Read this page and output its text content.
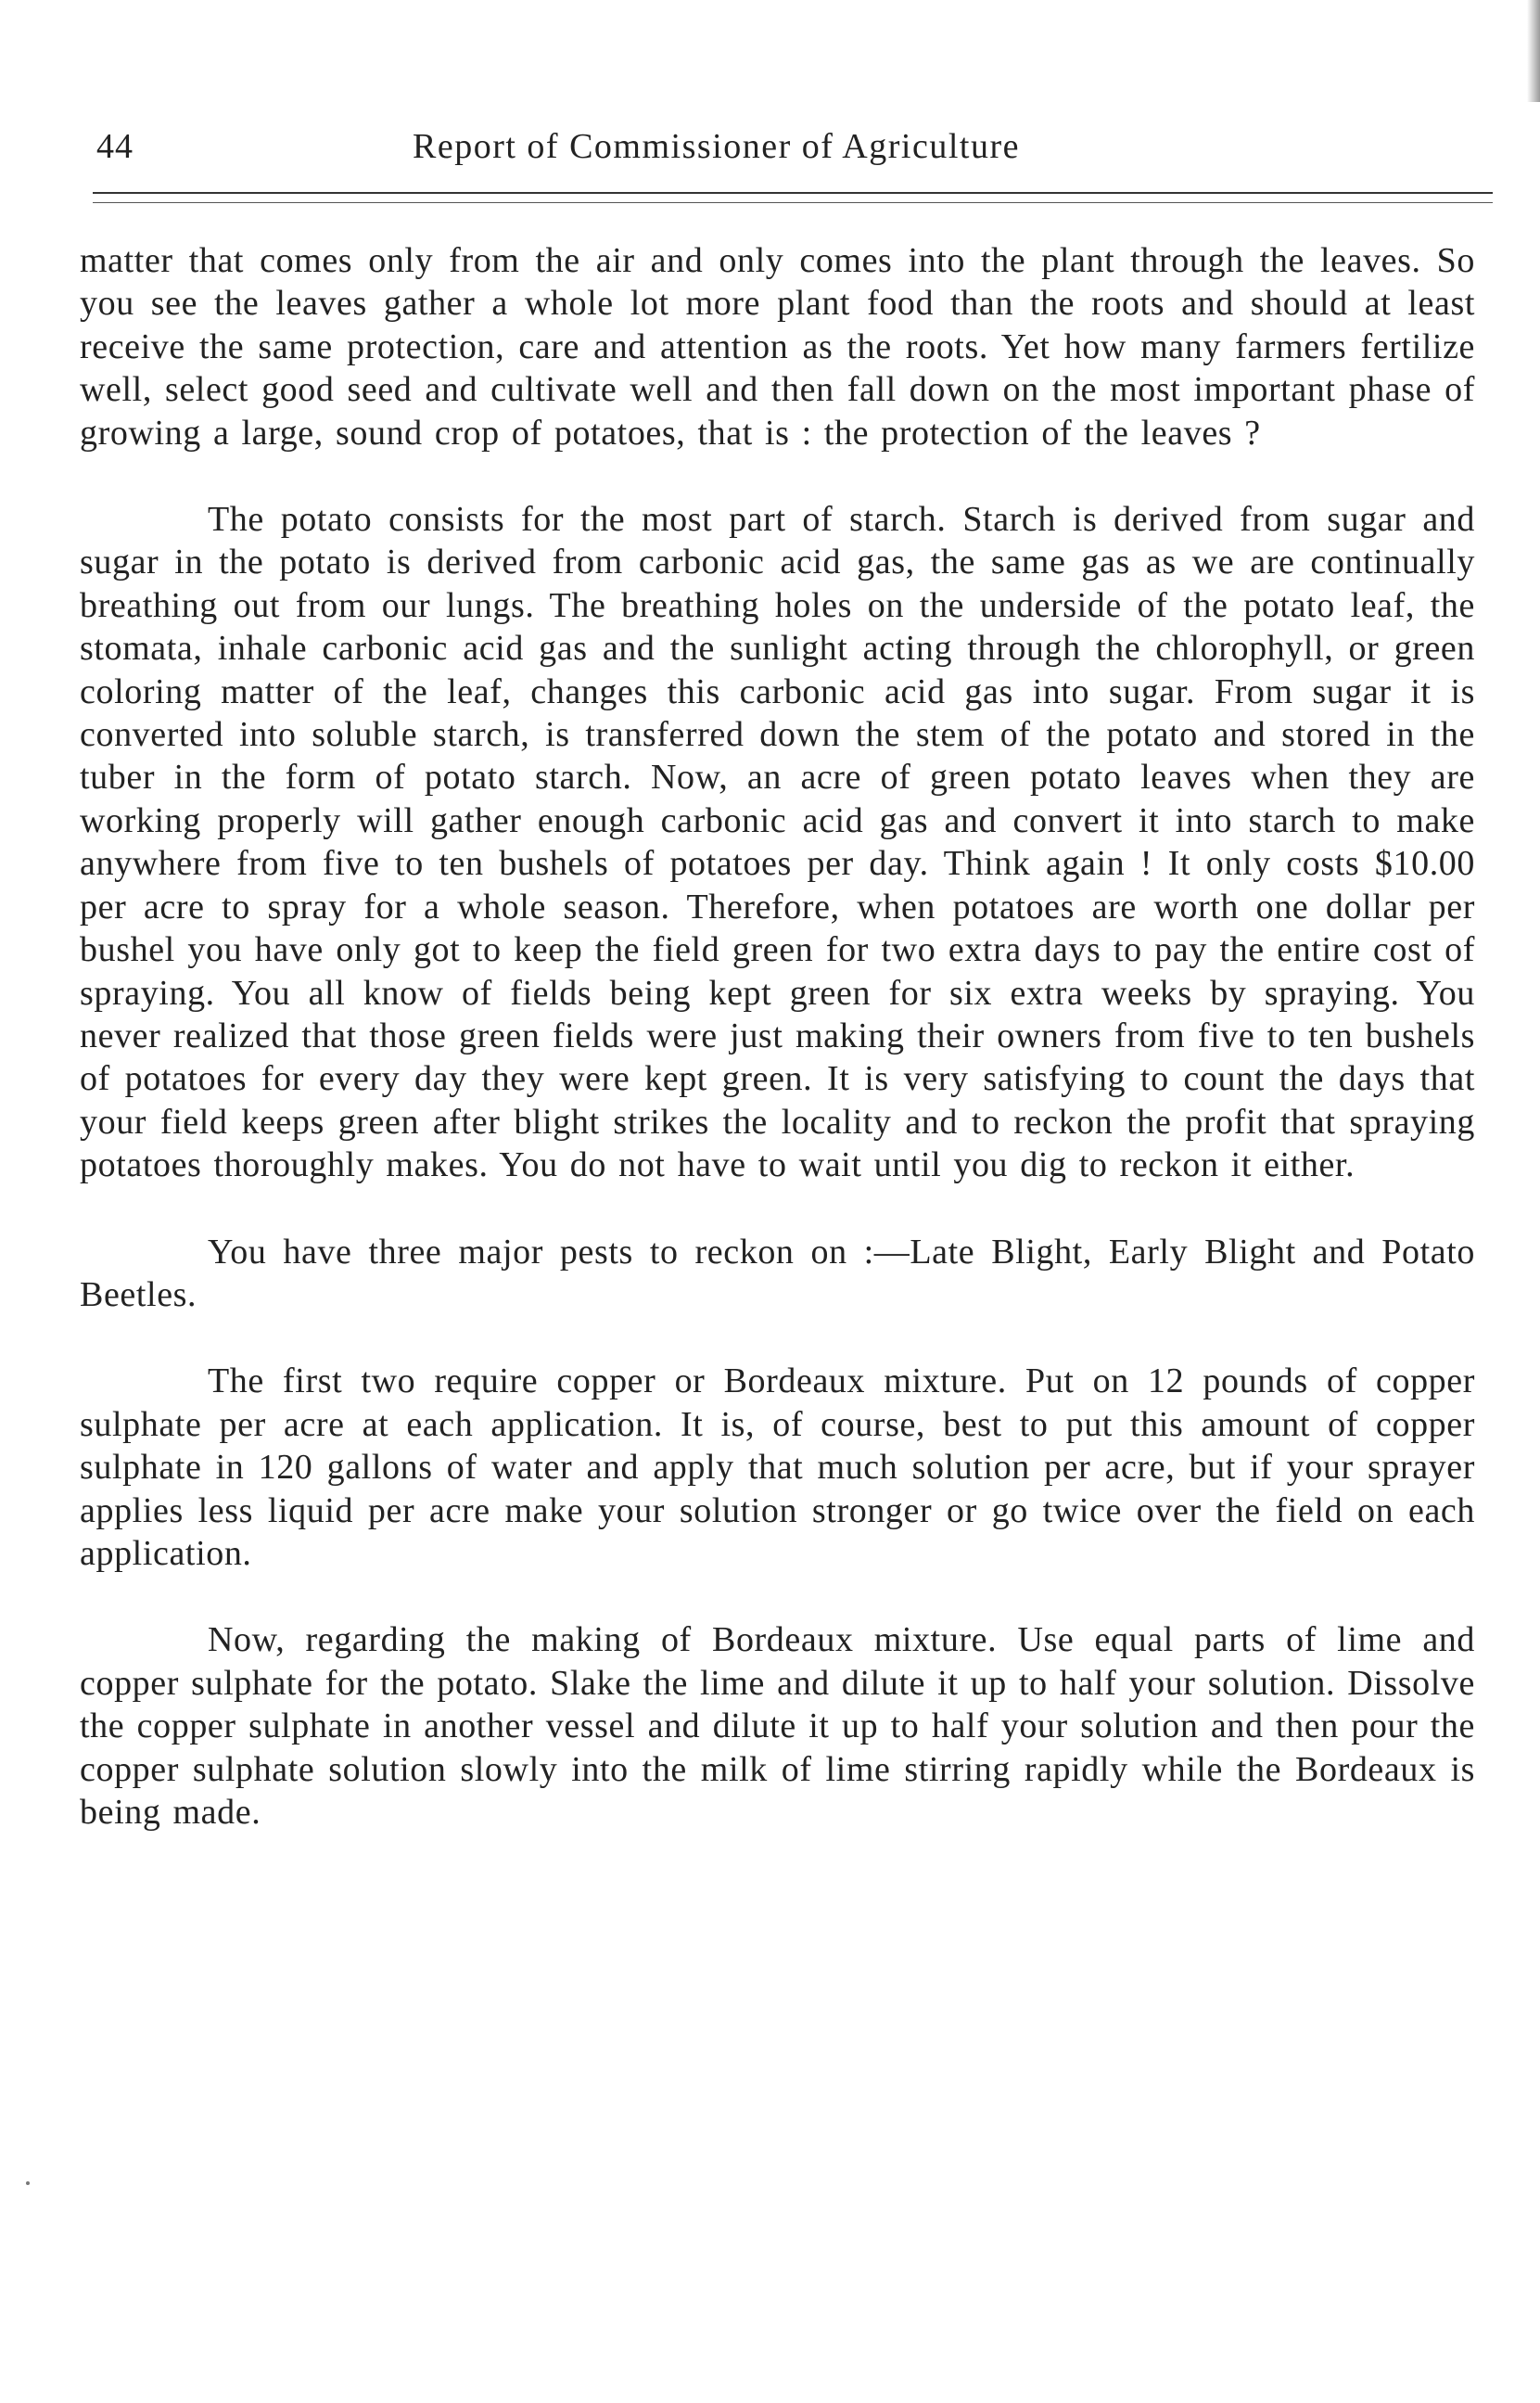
44	Report of Commissioner of Agriculture

matter that comes only from the air and only comes into the plant through the leaves. So you see the leaves gather a whole lot more plant food than the roots and should at least receive the same protection, care and attention as the roots. Yet how many farmers fertilize well, select good seed and cultivate well and then fall down on the most important phase of growing a large, sound crop of potatoes, that is : the protection of the leaves ?

The potato consists for the most part of starch. Starch is derived from sugar and sugar in the potato is derived from carbonic acid gas, the same gas as we are continually breathing out from our lungs. The breathing holes on the underside of the potato leaf, the stomata, inhale carbonic acid gas and the sunlight acting through the chlorophyll, or green coloring matter of the leaf, changes this carbonic acid gas into sugar. From sugar it is converted into soluble starch, is transferred down the stem of the potato and stored in the tuber in the form of potato starch. Now, an acre of green potato leaves when they are working properly will gather enough carbonic acid gas and convert it into starch to make anywhere from five to ten bushels of potatoes per day. Think again ! It only costs $10.00 per acre to spray for a whole season. Therefore, when potatoes are worth one dollar per bushel you have only got to keep the field green for two extra days to pay the entire cost of spraying. You all know of fields being kept green for six extra weeks by spraying. You never realized that those green fields were just making their owners from five to ten bushels of potatoes for every day they were kept green. It is very satisfying to count the days that your field keeps green after blight strikes the locality and to reckon the profit that spraying potatoes thoroughly makes. You do not have to wait until you dig to reckon it either.

You have three major pests to reckon on :—Late Blight, Early Blight and Potato Beetles.

The first two require copper or Bordeaux mixture. Put on 12 pounds of copper sulphate per acre at each application. It is, of course, best to put this amount of copper sulphate in 120 gallons of water and apply that much solution per acre, but if your sprayer applies less liquid per acre make your solution stronger or go twice over the field on each application.

Now, regarding the making of Bordeaux mixture. Use equal parts of lime and copper sulphate for the potato. Slake the lime and dilute it up to half your solution. Dissolve the copper sulphate in another vessel and dilute it up to half your solution and then pour the copper sulphate solution slowly into the milk of lime stirring rapidly while the Bordeaux is being made.
